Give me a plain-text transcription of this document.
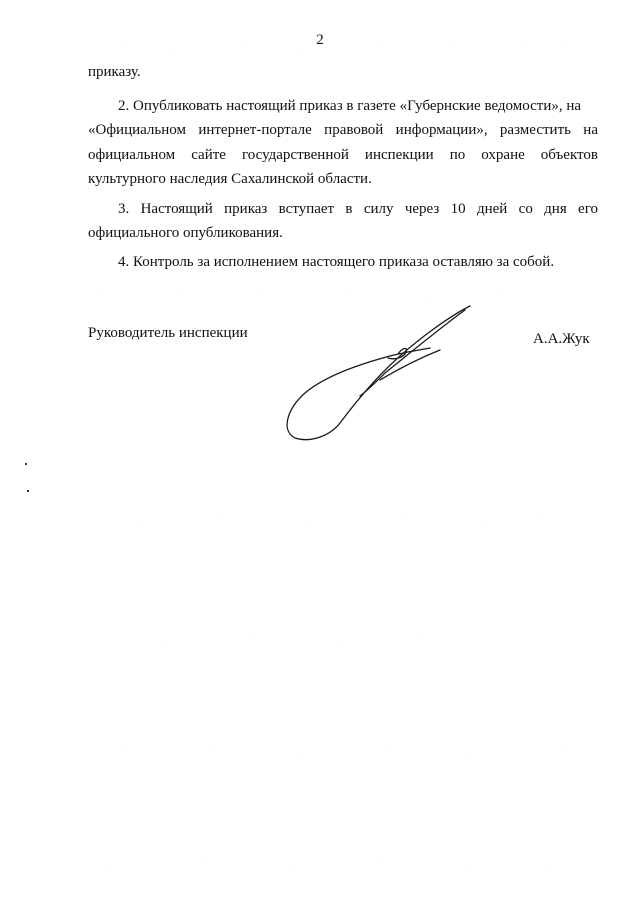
2
приказу.
2. Опубликовать настоящий приказ в газете «Губернские ведомости», на
«Официальном интернет-портале правовой информации», разместить на
официальном сайте государственной инспекции по охране объектов
культурного наследия Сахалинской области.
3. Настоящий приказ вступает в силу через 10 дней со дня его
официального опубликования.
4. Контроль за исполнением настоящего приказа оставляю за собой.
Руководитель инспекции	А.А.Жук
